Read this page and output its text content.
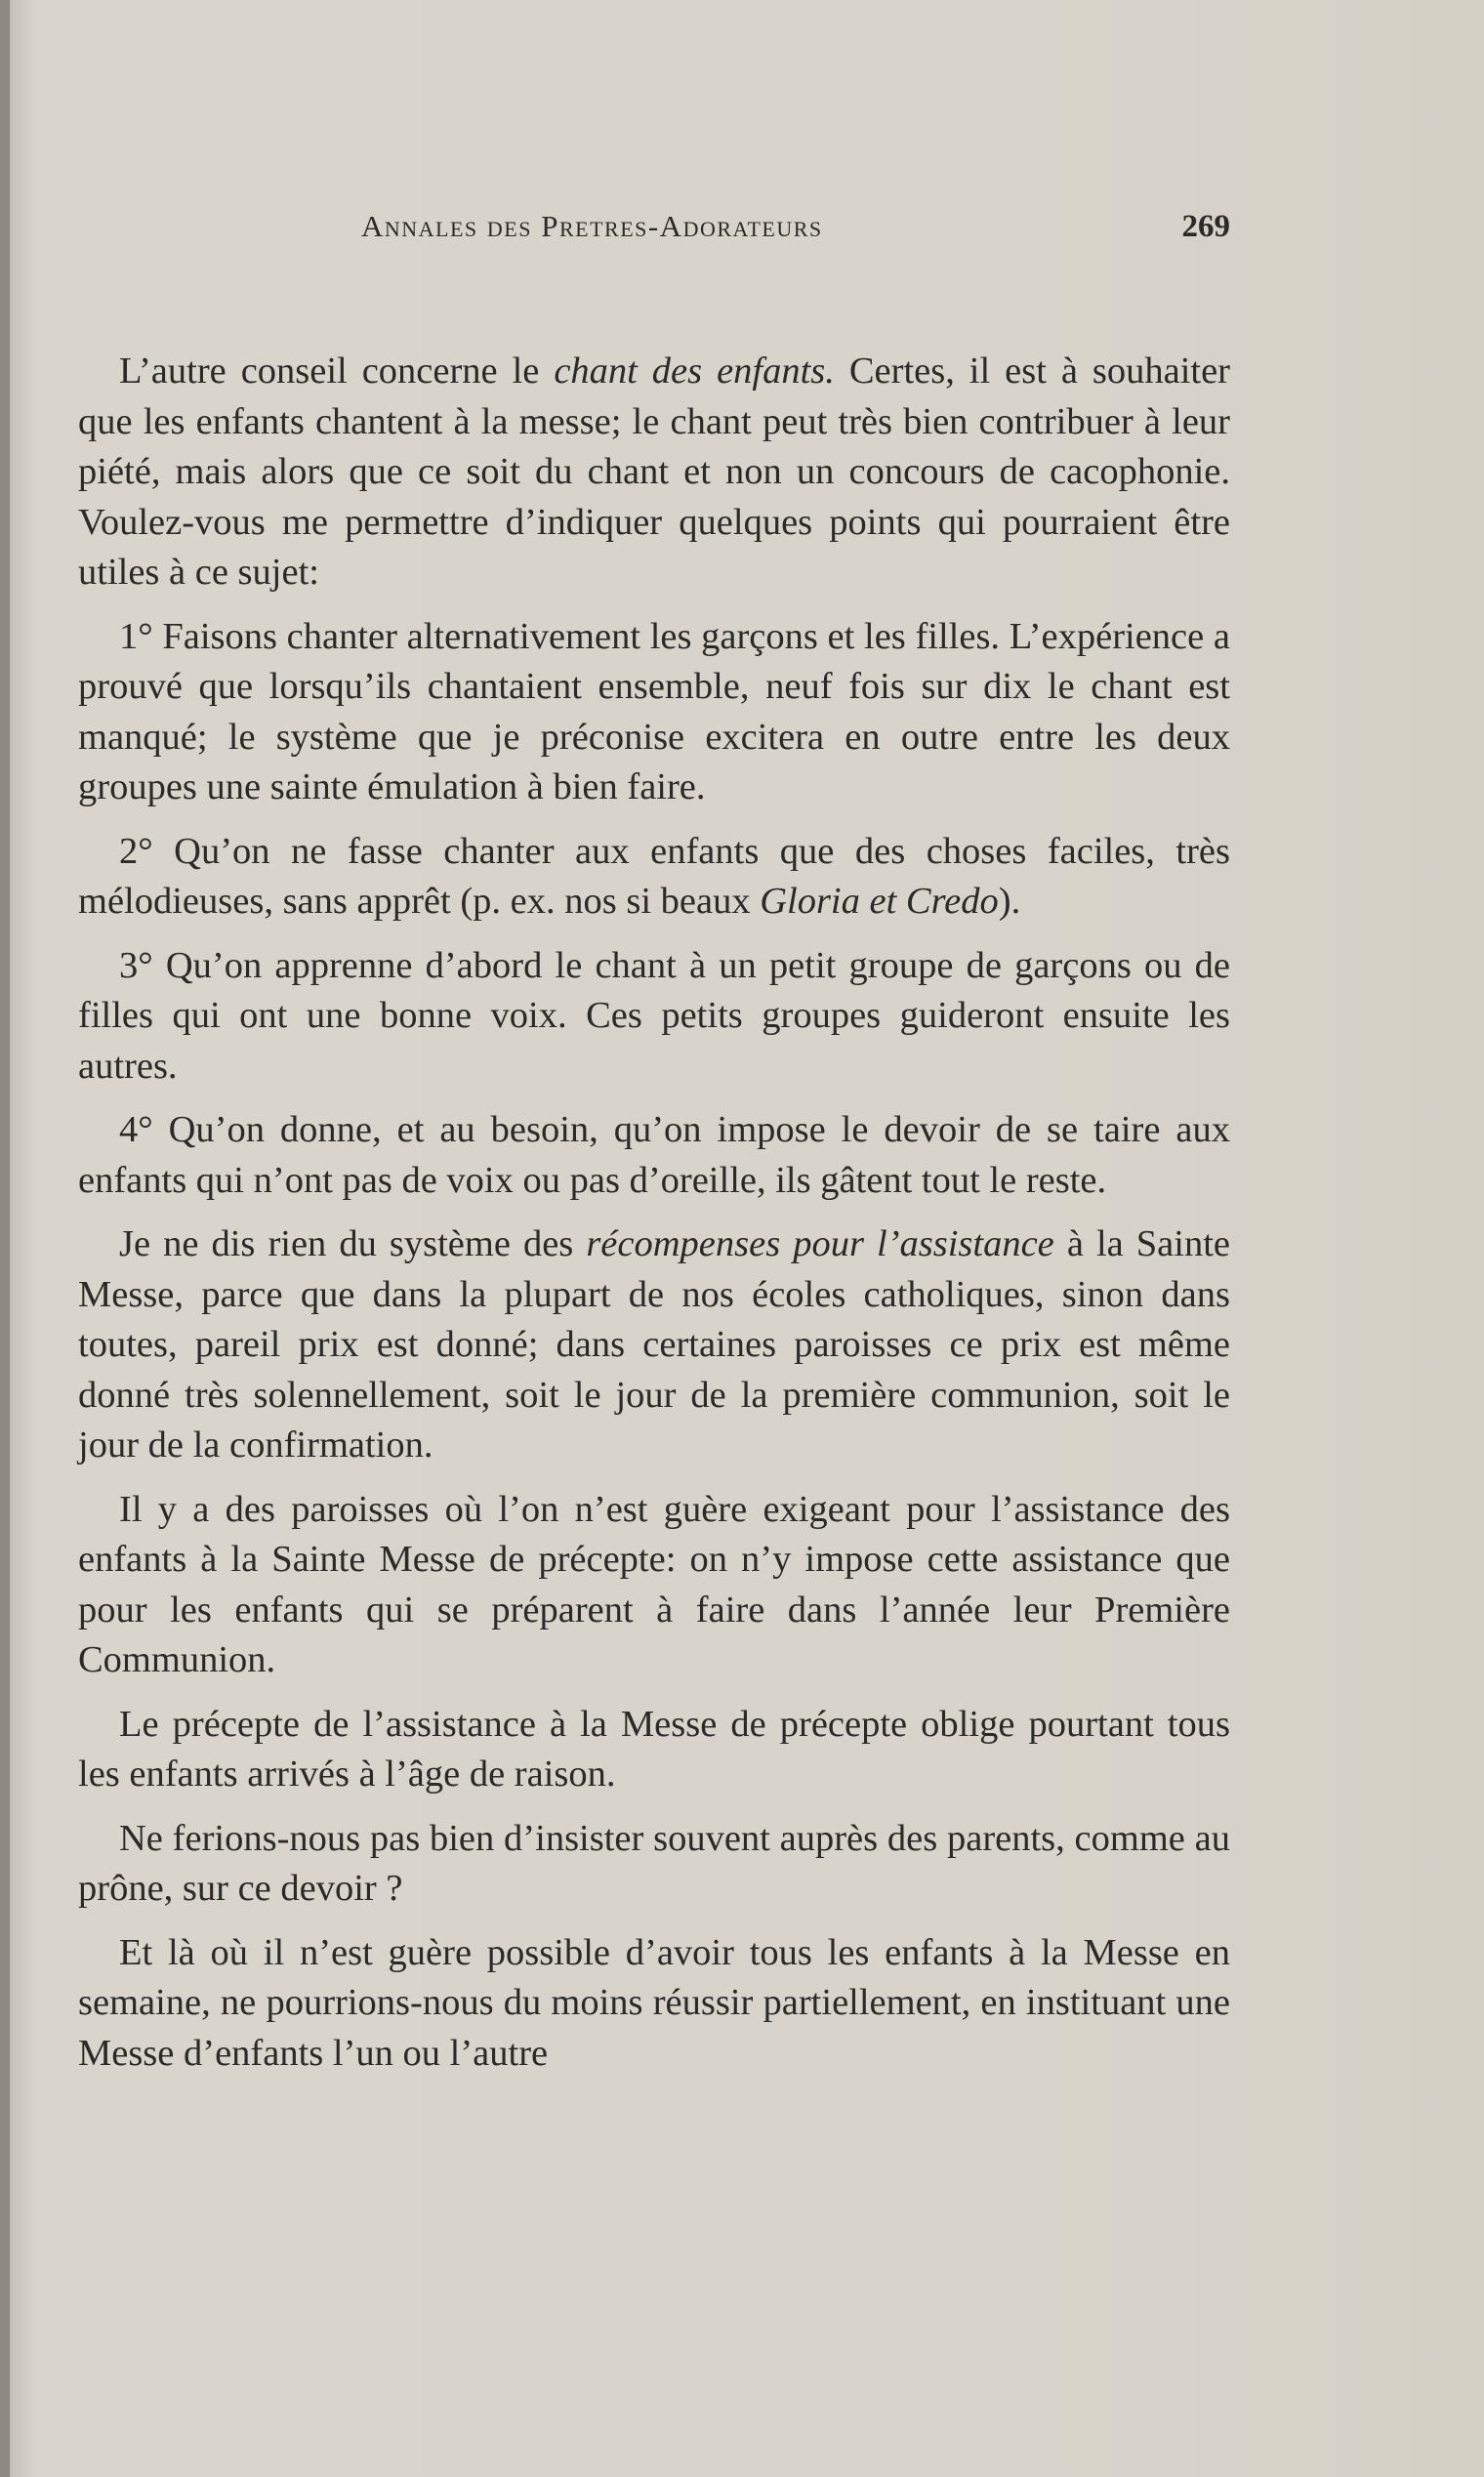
Annales des Pretres-Adorateurs	269

L’autre conseil concerne le chant des enfants. Certes, il est à souhaiter que les enfants chantent à la messe; le chant peut très bien contribuer à leur piété, mais alors que ce soit du chant et non un concours de cacophonie. Voulez-vous me permettre d’indiquer quelques points qui pourraient être utiles à ce sujet:

1° Faisons chanter alternativement les garçons et les filles. L’expérience a prouvé que lorsqu’ils chantaient ensemble, neuf fois sur dix le chant est manqué; le système que je préconise excitera en outre entre les deux groupes une sainte émulation à bien faire.

2° Qu’on ne fasse chanter aux enfants que des choses faciles, très mélodieuses, sans apprêt (p. ex. nos si beaux Gloria et Credo).

3° Qu’on apprenne d’abord le chant à un petit groupe de garçons ou de filles qui ont une bonne voix. Ces petits groupes guideront ensuite les autres.

4° Qu’on donne, et au besoin, qu’on impose le devoir de se taire aux enfants qui n’ont pas de voix ou pas d’oreille, ils gâtent tout le reste.

Je ne dis rien du système des récompenses pour l’assistance à la Sainte Messe, parce que dans la plupart de nos écoles catholiques, sinon dans toutes, pareil prix est donné; dans certaines paroisses ce prix est même donné très solennellement, soit le jour de la première communion, soit le jour de la confirmation.

Il y a des paroisses où l’on n’est guère exigeant pour l’assistance des enfants à la Sainte Messe de précepte: on n’y impose cette assistance que pour les enfants qui se préparent à faire dans l’année leur Première Communion.

Le précepte de l’assistance à la Messe de précepte oblige pourtant tous les enfants arrivés à l’âge de raison.

Ne ferions-nous pas bien d’insister souvent auprès des parents, comme au prône, sur ce devoir ?

Et là où il n’est guère possible d’avoir tous les enfants à la Messe en semaine, ne pourrions-nous du moins réussir partiellement, en instituant une Messe d’enfants l’un ou l’autre
